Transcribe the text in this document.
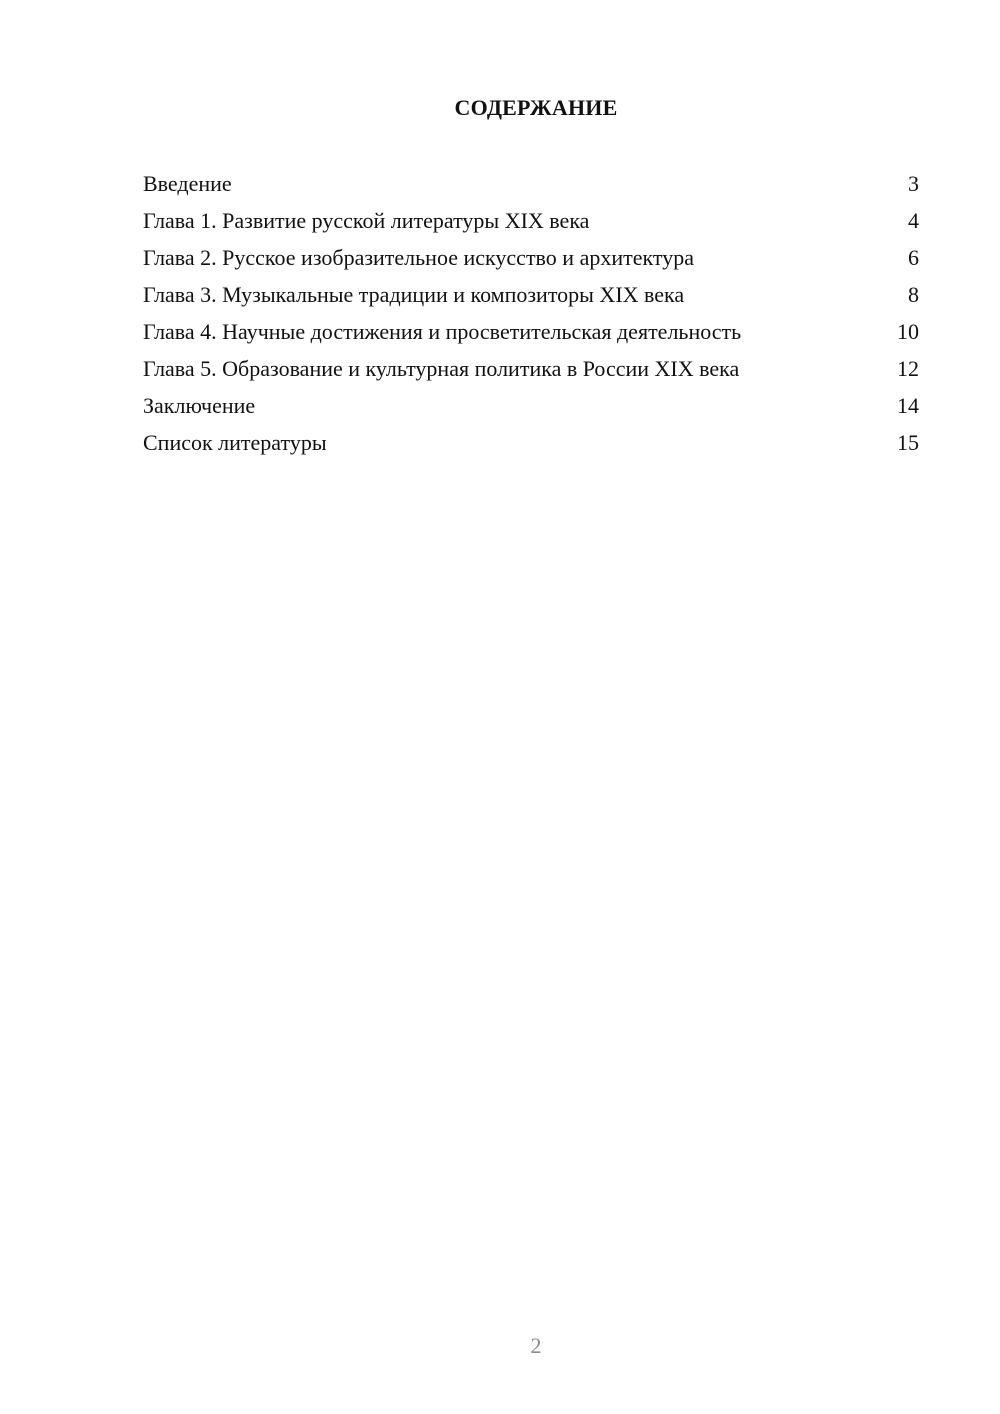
СОДЕРЖАНИЕ
Введение	3
Глава 1. Развитие русской литературы XIX века	4
Глава 2. Русское изобразительное искусство и архитектура	6
Глава 3. Музыкальные традиции и композиторы XIX века	8
Глава 4. Научные достижения и просветительская деятельность	10
Глава 5. Образование и культурная политика в России XIX века	12
Заключение	14
Список литературы	15
2
